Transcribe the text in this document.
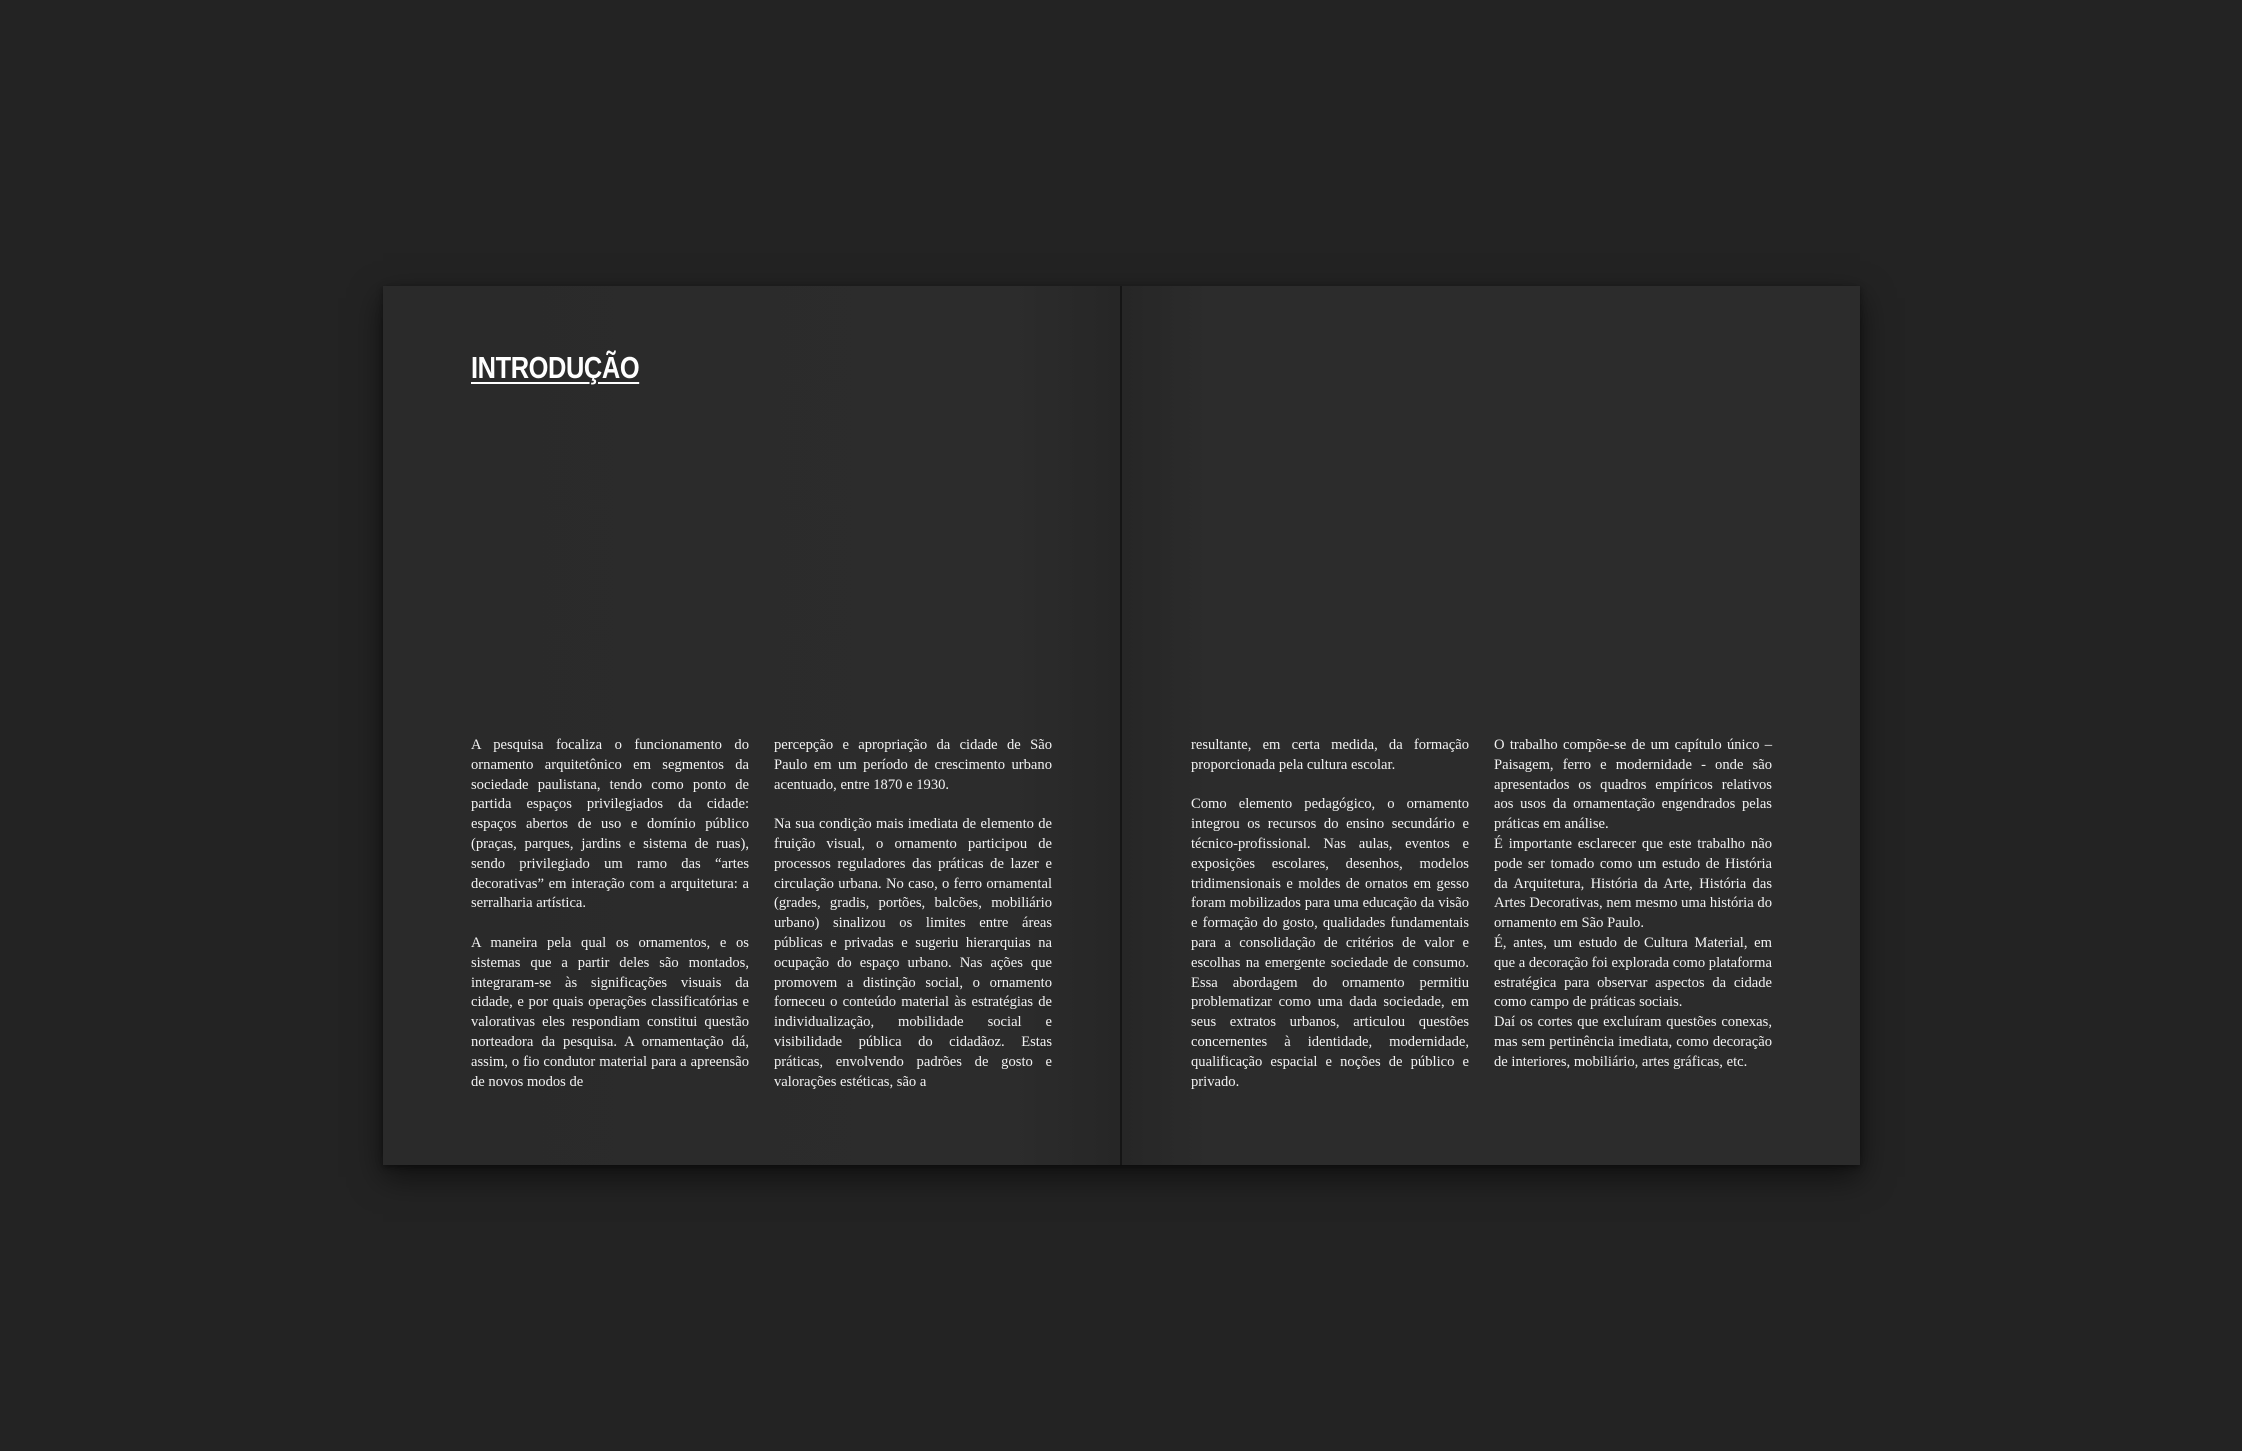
INTRODUÇÃO

A pesquisa focaliza o funcionamento do ornamento arquitetônico em segmentos da sociedade paulistana, tendo como ponto de partida espaços privilegiados da cidade: espaços abertos de uso e domínio público (praças, parques, jardins e sistema de ruas), sendo privilegiado um ramo das “artes decorativas” em interação com a arquitetura: a serralharia artística.

A maneira pela qual os ornamentos, e os sistemas que a partir deles são montados, integraram-se às significações visuais da cidade, e por quais operações classificatórias e valorativas eles respondiam constitui questão norteadora da pesquisa. A ornamentação dá, assim, o fio condutor material para a apreensão de novos modos de

percepção e apropriação da cidade de São Paulo em um período de crescimento urbano acentuado, entre 1870 e 1930.

Na sua condição mais imediata de elemento de fruição visual, o ornamento participou de processos reguladores das práticas de lazer e circulação urbana. No caso, o ferro ornamental (grades, gradis, portões, balcões, mobiliário urbano) sinalizou os limites entre áreas públicas e privadas e sugeriu hierarquias na ocupação do espaço urbano. Nas ações que promovem a distinção social, o ornamento forneceu o conteúdo material às estratégias de individualização, mobilidade social e visibilidade pública do cidadãoz. Estas práticas, envolvendo padrões de gosto e valorações estéticas, são a

resultante, em certa medida, da formação proporcionada pela cultura escolar.

Como elemento pedagógico, o ornamento integrou os recursos do ensino secundário e técnico-profissional. Nas aulas, eventos e exposições escolares, desenhos, modelos tridimensionais e moldes de ornatos em gesso foram mobilizados para uma educação da visão e formação do gosto, qualidades fundamentais para a consolidação de critérios de valor e escolhas na emergente sociedade de consumo. Essa abordagem do ornamento permitiu problematizar como uma dada sociedade, em seus extratos urbanos, articulou questões concernentes à identidade, modernidade, qualificação espacial e noções de público e privado.

O trabalho compõe-se de um capítulo único – Paisagem, ferro e modernidade - onde são apresentados os quadros empíricos relativos aos usos da ornamentação engendrados pelas práticas em análise.

É importante esclarecer que este trabalho não pode ser tomado como um estudo de História da Arquitetura, História da Arte, História das Artes Decorativas, nem mesmo uma história do ornamento em São Paulo.

É, antes, um estudo de Cultura Material, em que a decoração foi explorada como plataforma estratégica para observar aspectos da cidade como campo de práticas sociais.

Daí os cortes que excluíram questões conexas, mas sem pertinência imediata, como decoração de interiores, mobiliário, artes gráficas, etc.
